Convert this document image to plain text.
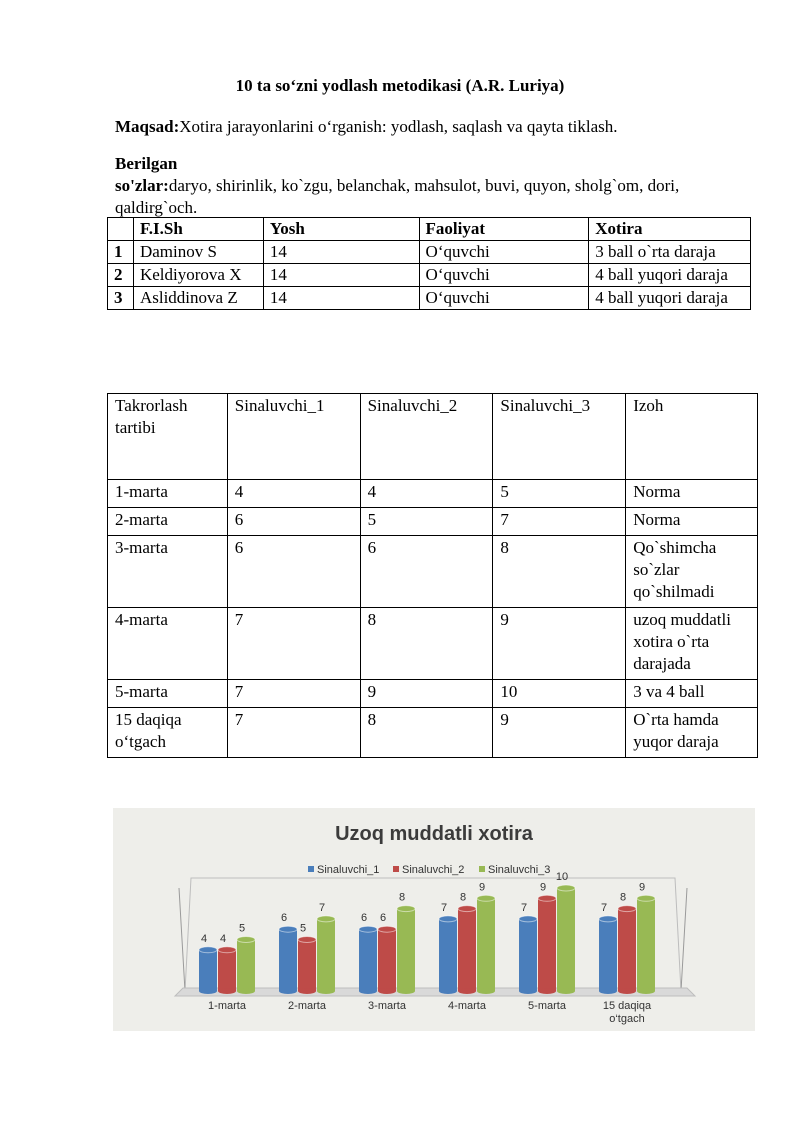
10 ta so‘zni yodlash metodikasi (A.R. Luriya)
Maqsad:Xotira jarayonlarini o‘rganish: yodlash, saqlash va qayta tiklash.
Berilgan
so'zlar:daryo, shirinlik, ko`zgu, belanchak, mahsulot, buvi, quyon, sholg`om, dori,
qaldirg`och.
	F.I.Sh	Yosh	Faoliyat	Xotira
1	Daminov S	14	O‘quvchi	3 ball o`rta daraja
2	Keldiyorova X	14	O‘quvchi	4 ball yuqori daraja
3	Asliddinova Z	14	O‘quvchi	4 ball yuqori daraja
Takrorlash tartibi	Sinaluvchi_1	Sinaluvchi_2	Sinaluvchi_3	Izoh
1-marta	4	4	5	Norma
2-marta	6	5	7	Norma
3-marta	6	6	8	Qo`shimcha so`zlar qo`shilmadi
4-marta	7	8	9	uzoq muddatli xotira o`rta darajada
5-marta	7	9	10	3 va 4 ball
15 daqiqa o‘tgach	7	8	9	O`rta hamda yuqor daraja
Uzoq muddatli xotira
Sinaluvchi_1 Sinaluvchi_2 Sinaluvchi_3
4 4
5
1-marta
6
5
7
2-marta
6 6
8
3-marta
7
8
9
4-marta
7
9
10
5-marta
7
8
9
15 daqiqa
o‘tgach
